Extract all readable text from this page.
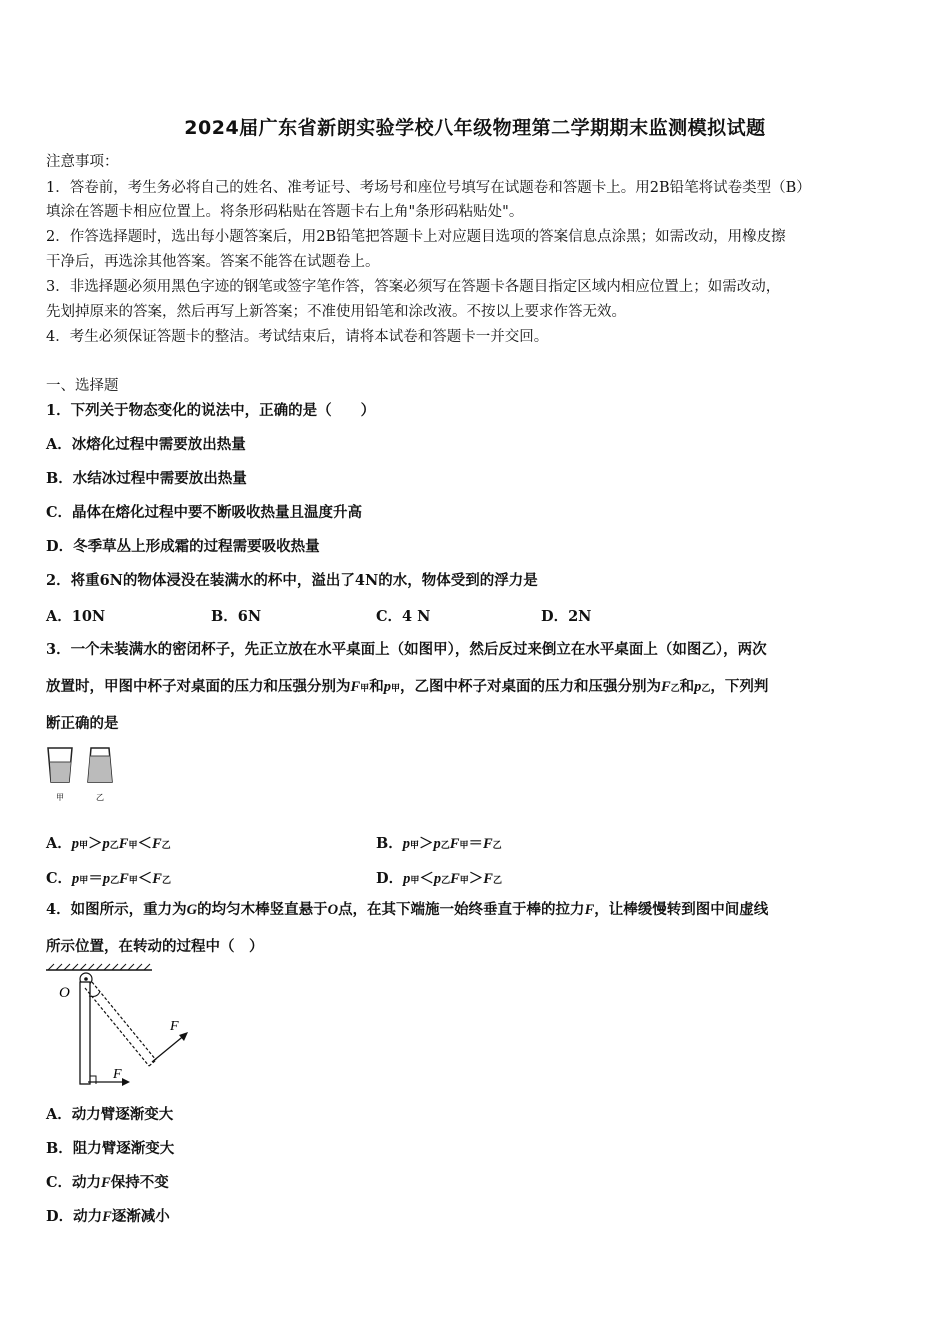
2024届广东省新朗实验学校八年级物理第二学期期末监测模拟试题
注意事项：
1．答卷前，考生务必将自己的姓名、准考证号、考场号和座位号填写在试题卷和答题卡上。用2B铅笔将试卷类型（B）
填涂在答题卡相应位置上。将条形码粘贴在答题卡右上角"条形码粘贴处"。
2．作答选择题时，选出每小题答案后，用2B铅笔把答题卡上对应题目选项的答案信息点涂黑；如需改动，用橡皮擦
干净后，再选涂其他答案。答案不能答在试题卷上。
3．非选择题必须用黑色字迹的钢笔或签字笔作答，答案必须写在答题卡各题目指定区域内相应位置上；如需改动，
先划掉原来的答案，然后再写上新答案；不准使用铅笔和涂改液。不按以上要求作答无效。
4．考生必须保证答题卡的整洁。考试结束后，请将本试卷和答题卡一并交回。
一、选择题
1．下列关于物态变化的说法中，正确的是（　　）
A．冰熔化过程中需要放出热量
B．水结冰过程中需要放出热量
C．晶体在熔化过程中要不断吸收热量且温度升高
D．冬季草丛上形成霜的过程需要吸收热量
2．将重6N的物体浸没在装满水的杯中，溢出了4N的水，物体受到的浮力是
A．10N	B．6N	C．4 N	D．2N
3．一个未装满水的密闭杯子，先正立放在水平桌面上（如图甲），然后反过来倒立在水平桌面上（如图乙），两次
放置时，甲图中杯子对桌面的压力和压强分别为F甲和p甲，乙图中杯子对桌面的压力和压强分别为F乙和p乙，下列判
断正确的是
甲	乙
A．p甲＞p乙F甲＜F乙	B．p甲＞p乙F甲＝F乙
C．p甲＝p乙F甲＜F乙	D．p甲＜p乙F甲＞F乙
4．如图所示，重力为G的均匀木棒竖直悬于O点，在其下端施一始终垂直于棒的拉力F，让棒缓慢转到图中间虚线
所示位置，在转动的过程中（　）
O
F
F
A．动力臂逐渐变大
B．阻力臂逐渐变大
C．动力F保持不变
D．动力F逐渐减小
